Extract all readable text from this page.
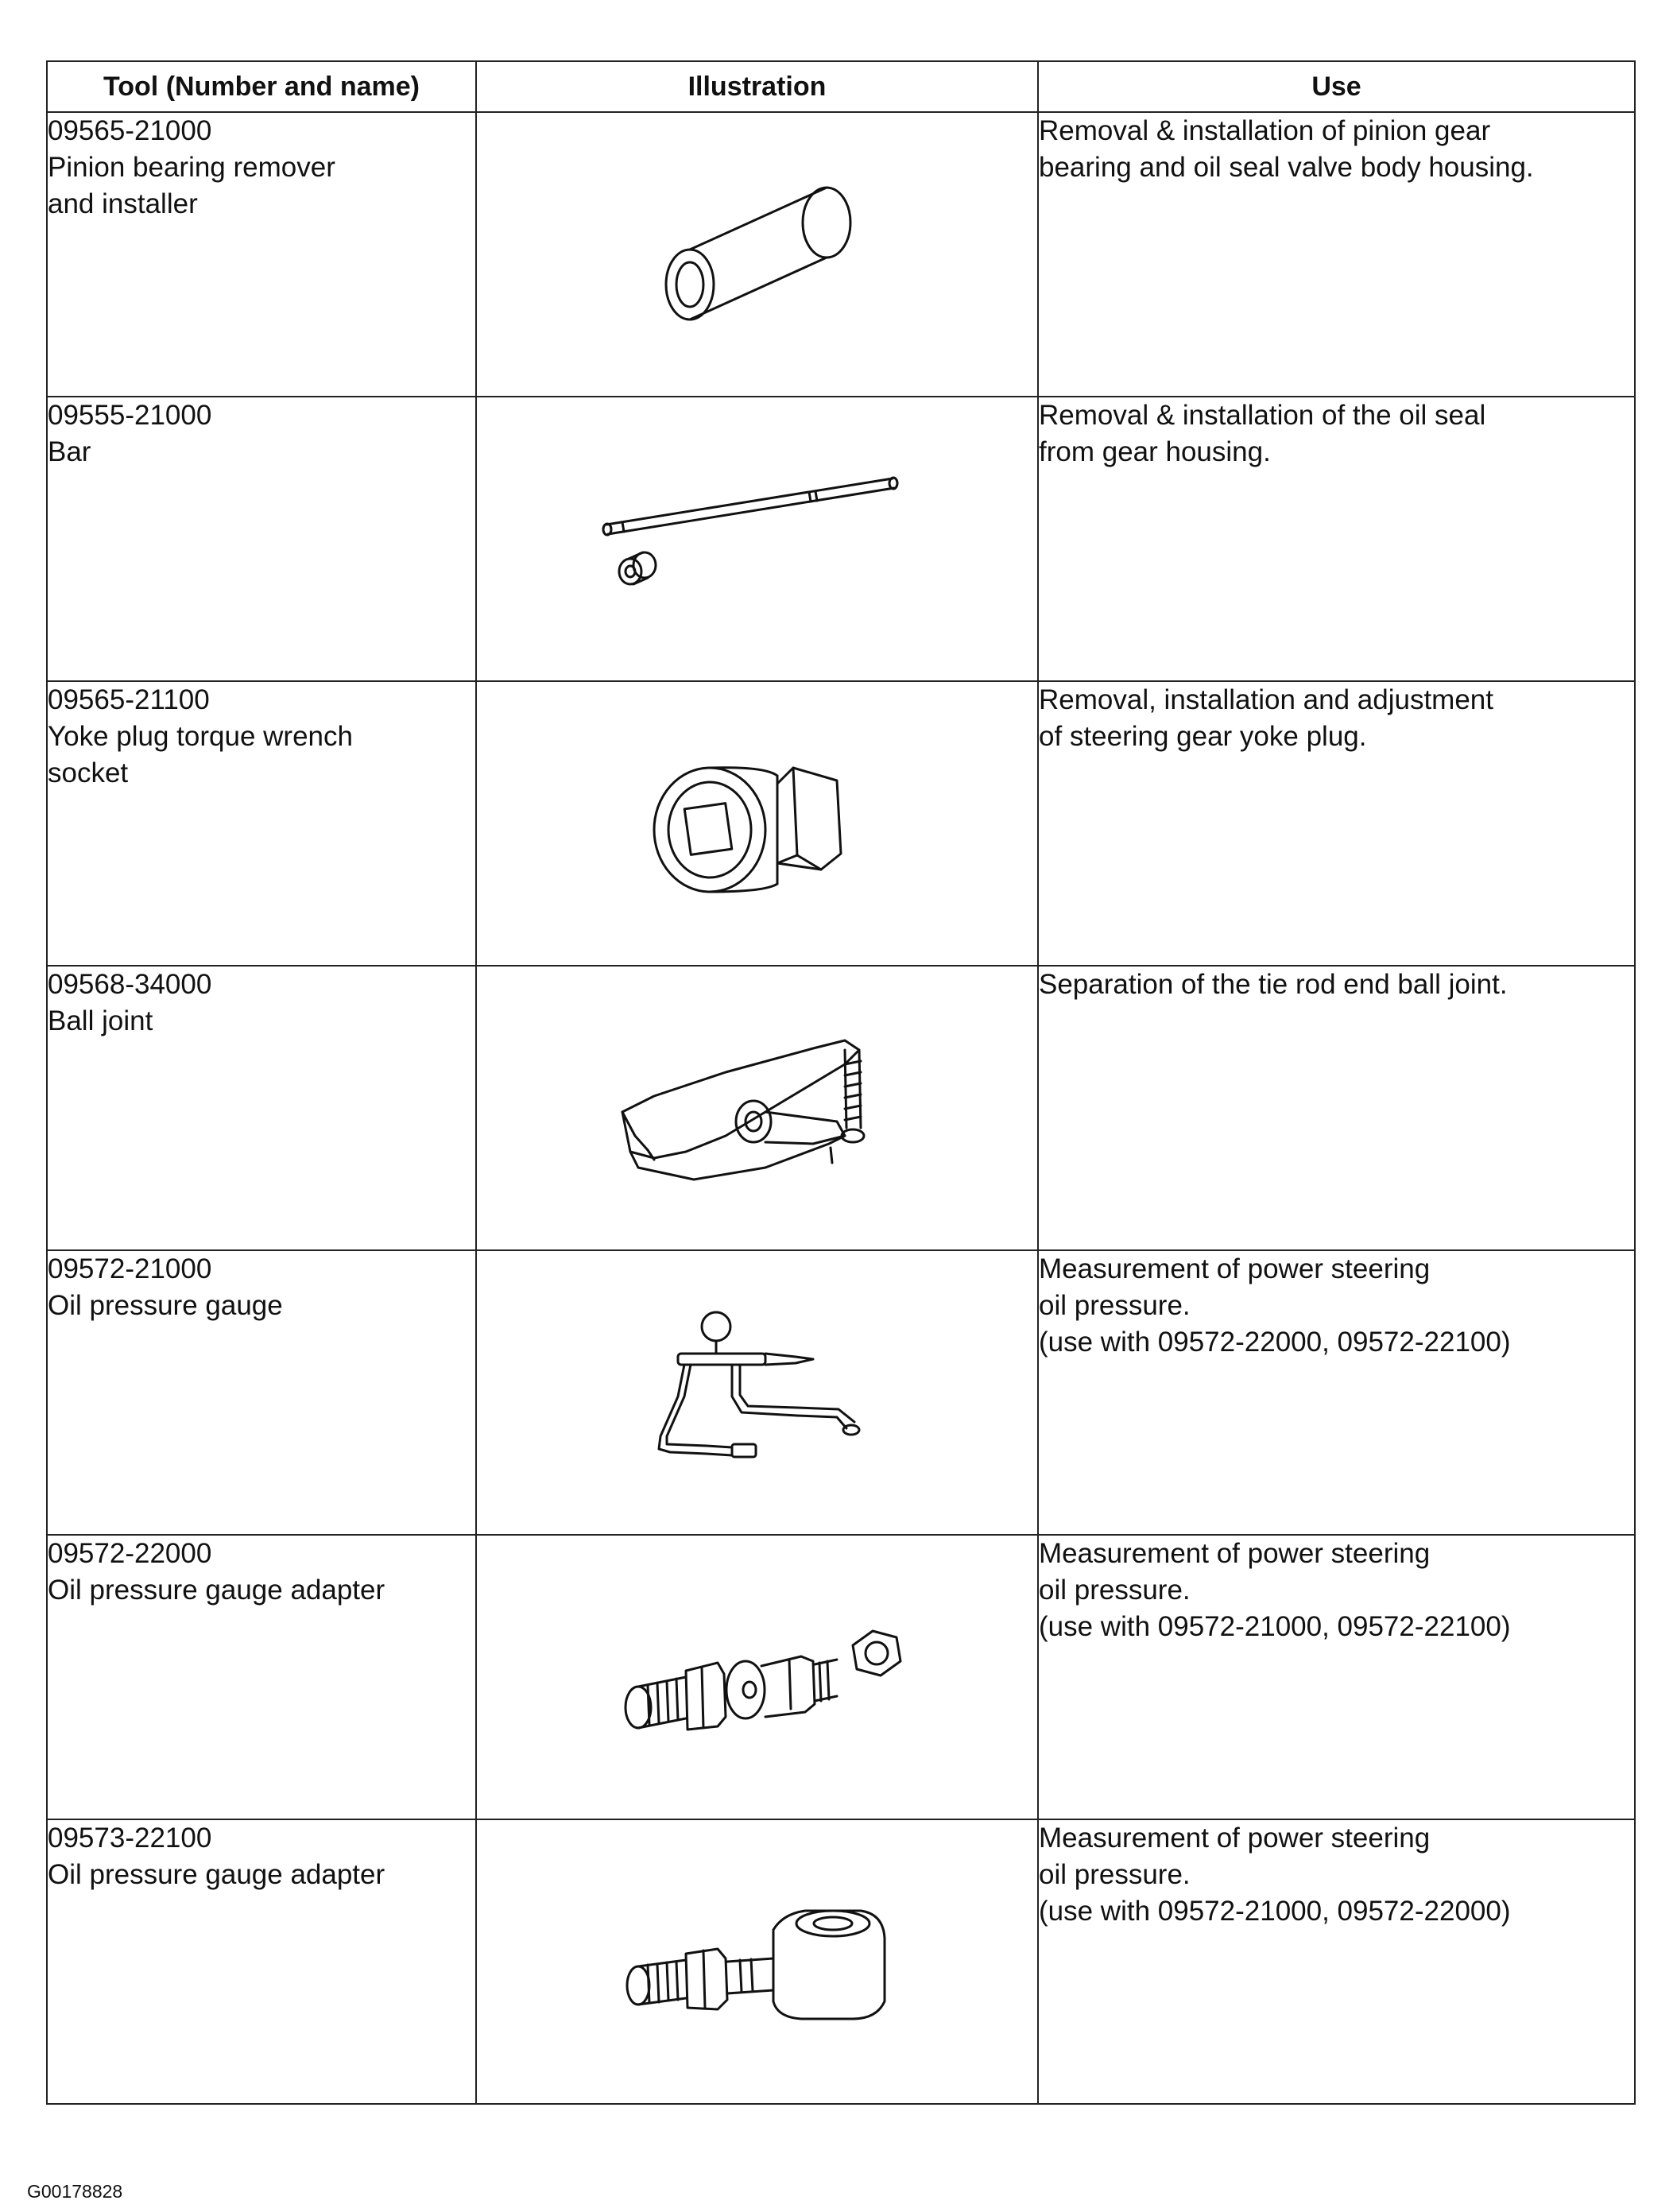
Tool (Number and name)	Illustration	Use

09565-21000
Pinion bearing remover and installer		Removal & installation of pinion gear
bearing and oil seal valve body housing.

09555-21000
Bar		Removal & installation of the oil seal
from gear housing.

09565-21100
Yoke plug torque wrench socket		Removal, installation and adjustment
of steering gear yoke plug.

09568-34000
Ball joint		Separation of the tie rod end ball joint.

09572-21000
Oil pressure gauge		Measurement of power steering
oil pressure.
(use with 09572-22000, 09572-22100)

09572-22000
Oil pressure gauge adapter		Measurement of power steering
oil pressure.
(use with 09572-21000, 09572-22100)

09573-22100
Oil pressure gauge adapter		Measurement of power steering
oil pressure.
(use with 09572-21000, 09572-22000)
G00178828
